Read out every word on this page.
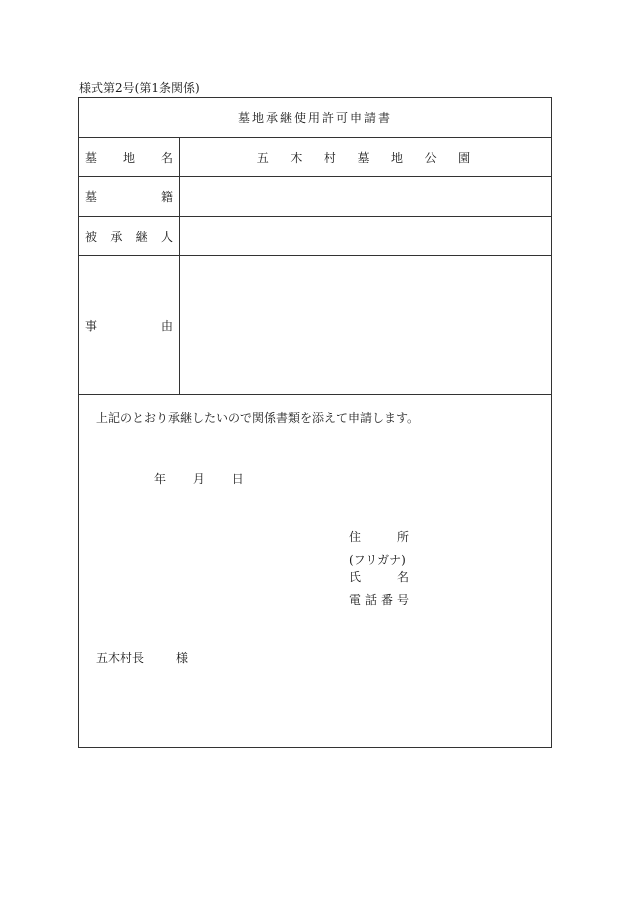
様式第2号(第1条関係)
墓地承継使用許可申請書
墓 地 名	五 木 村 墓 地 公 園
墓	籍
被 承 継 人
事	由
上記のとおり承継したいので関係書類を添えて申請します。
年 月 日
住	所
(フリガナ)
氏	名
電 話 番 号
五木村長	様
